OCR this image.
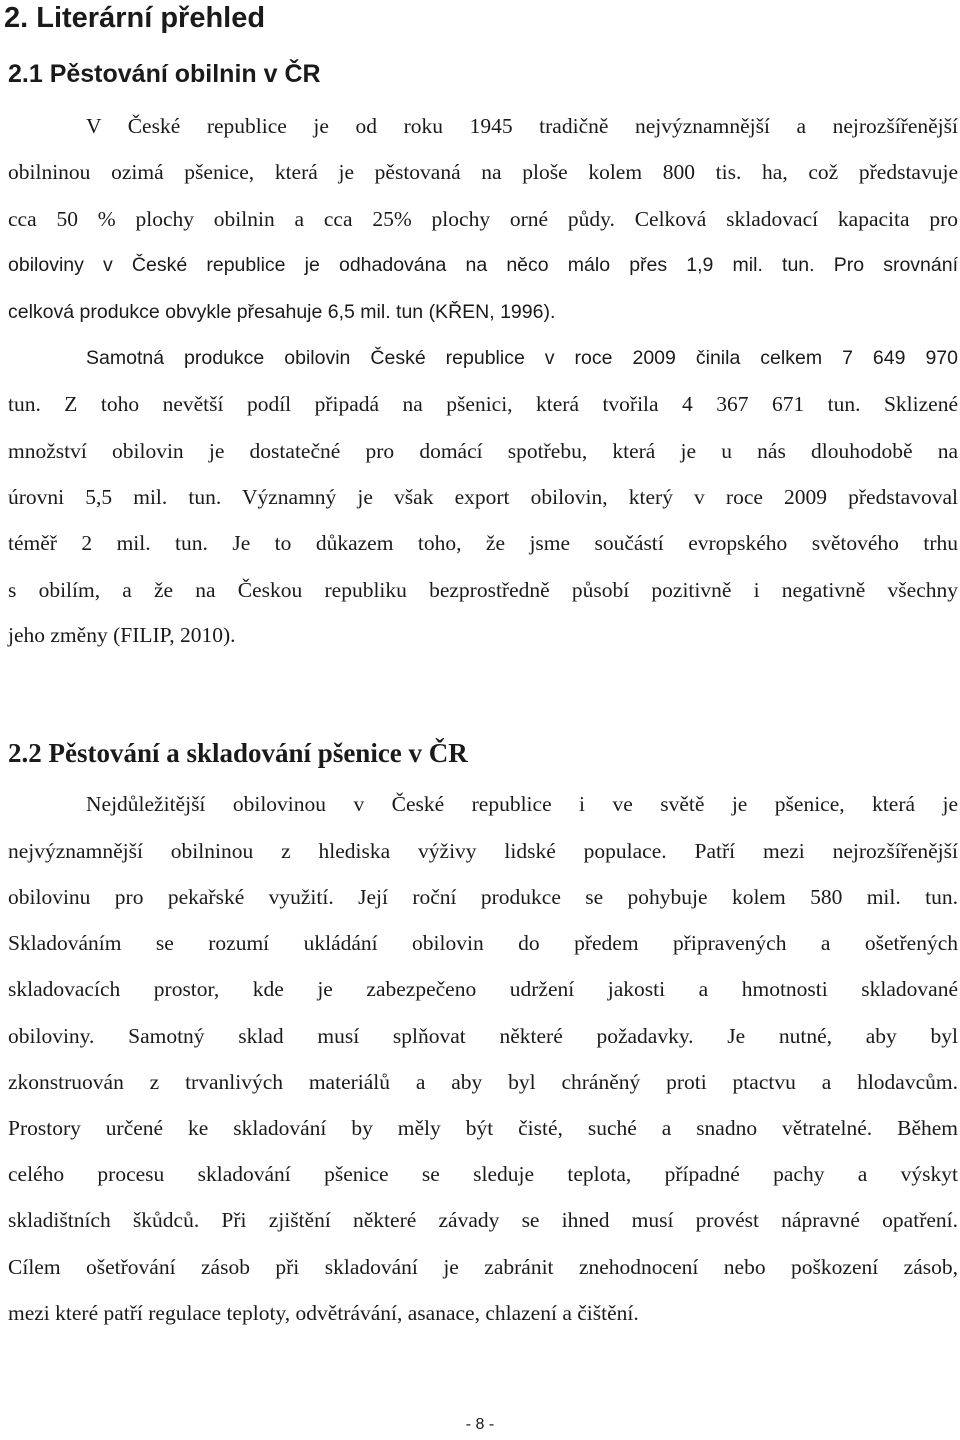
2. Literární přehled
2.1 Pěstování obilnin v ČR
V České republice je od roku 1945 tradičně nejvýznamnější a nejrozšířenější
obilninou ozimá pšenice, která je pěstovaná na ploše kolem 800 tis. ha, což představuje
cca 50 % plochy obilnin a cca 25% plochy orné půdy. Celková skladovací kapacita pro
obiloviny v České republice je odhadována na něco málo přes 1,9 mil. tun. Pro srovnání
celková produkce obvykle přesahuje 6,5 mil. tun (KŘEN, 1996).
Samotná produkce obilovin České republice v roce 2009 činila celkem 7 649 970
tun. Z toho nevětší podíl připadá na pšenici, která tvořila 4 367 671 tun. Sklizené
množství obilovin je dostatečné pro domácí spotřebu, která je u nás dlouhodobě na
úrovni 5,5 mil. tun. Významný je však export obilovin, který v roce 2009 představoval
téměř 2 mil. tun. Je to důkazem toho, že jsme součástí evropského světového trhu
s obilím, a že na Českou republiku bezprostředně působí pozitivně i negativně všechny
jeho změny (FILIP, 2010).
2.2 Pěstování a skladování pšenice v ČR
Nejdůležitější obilovinou v České republice i ve světě je pšenice, která je
nejvýznamnější obilninou z hlediska výživy lidské populace. Patří mezi nejrozšířenější
obilovinu pro pekařské využití. Její roční produkce se pohybuje kolem 580 mil. tun.
Skladováním se rozumí ukládání obilovin do předem připravených a ošetřených
skladovacích prostor, kde je zabezpečeno udržení jakosti a hmotnosti skladované
obiloviny. Samotný sklad musí splňovat některé požadavky. Je nutné, aby byl
zkonstruován z trvanlivých materiálů a aby byl chráněný proti ptactvu a hlodavcům.
Prostory určené ke skladování by měly být čisté, suché a snadno větratelné. Během
celého procesu skladování pšenice se sleduje teplota, případné pachy a výskyt
skladištních škůdců. Při zjištění některé závady se ihned musí provést nápravné opatření.
Cílem ošetřování zásob při skladování je zabránit znehodnocení nebo poškození zásob,
mezi které patří regulace teploty, odvětrávání, asanace, chlazení a čištění.
- 8 -
